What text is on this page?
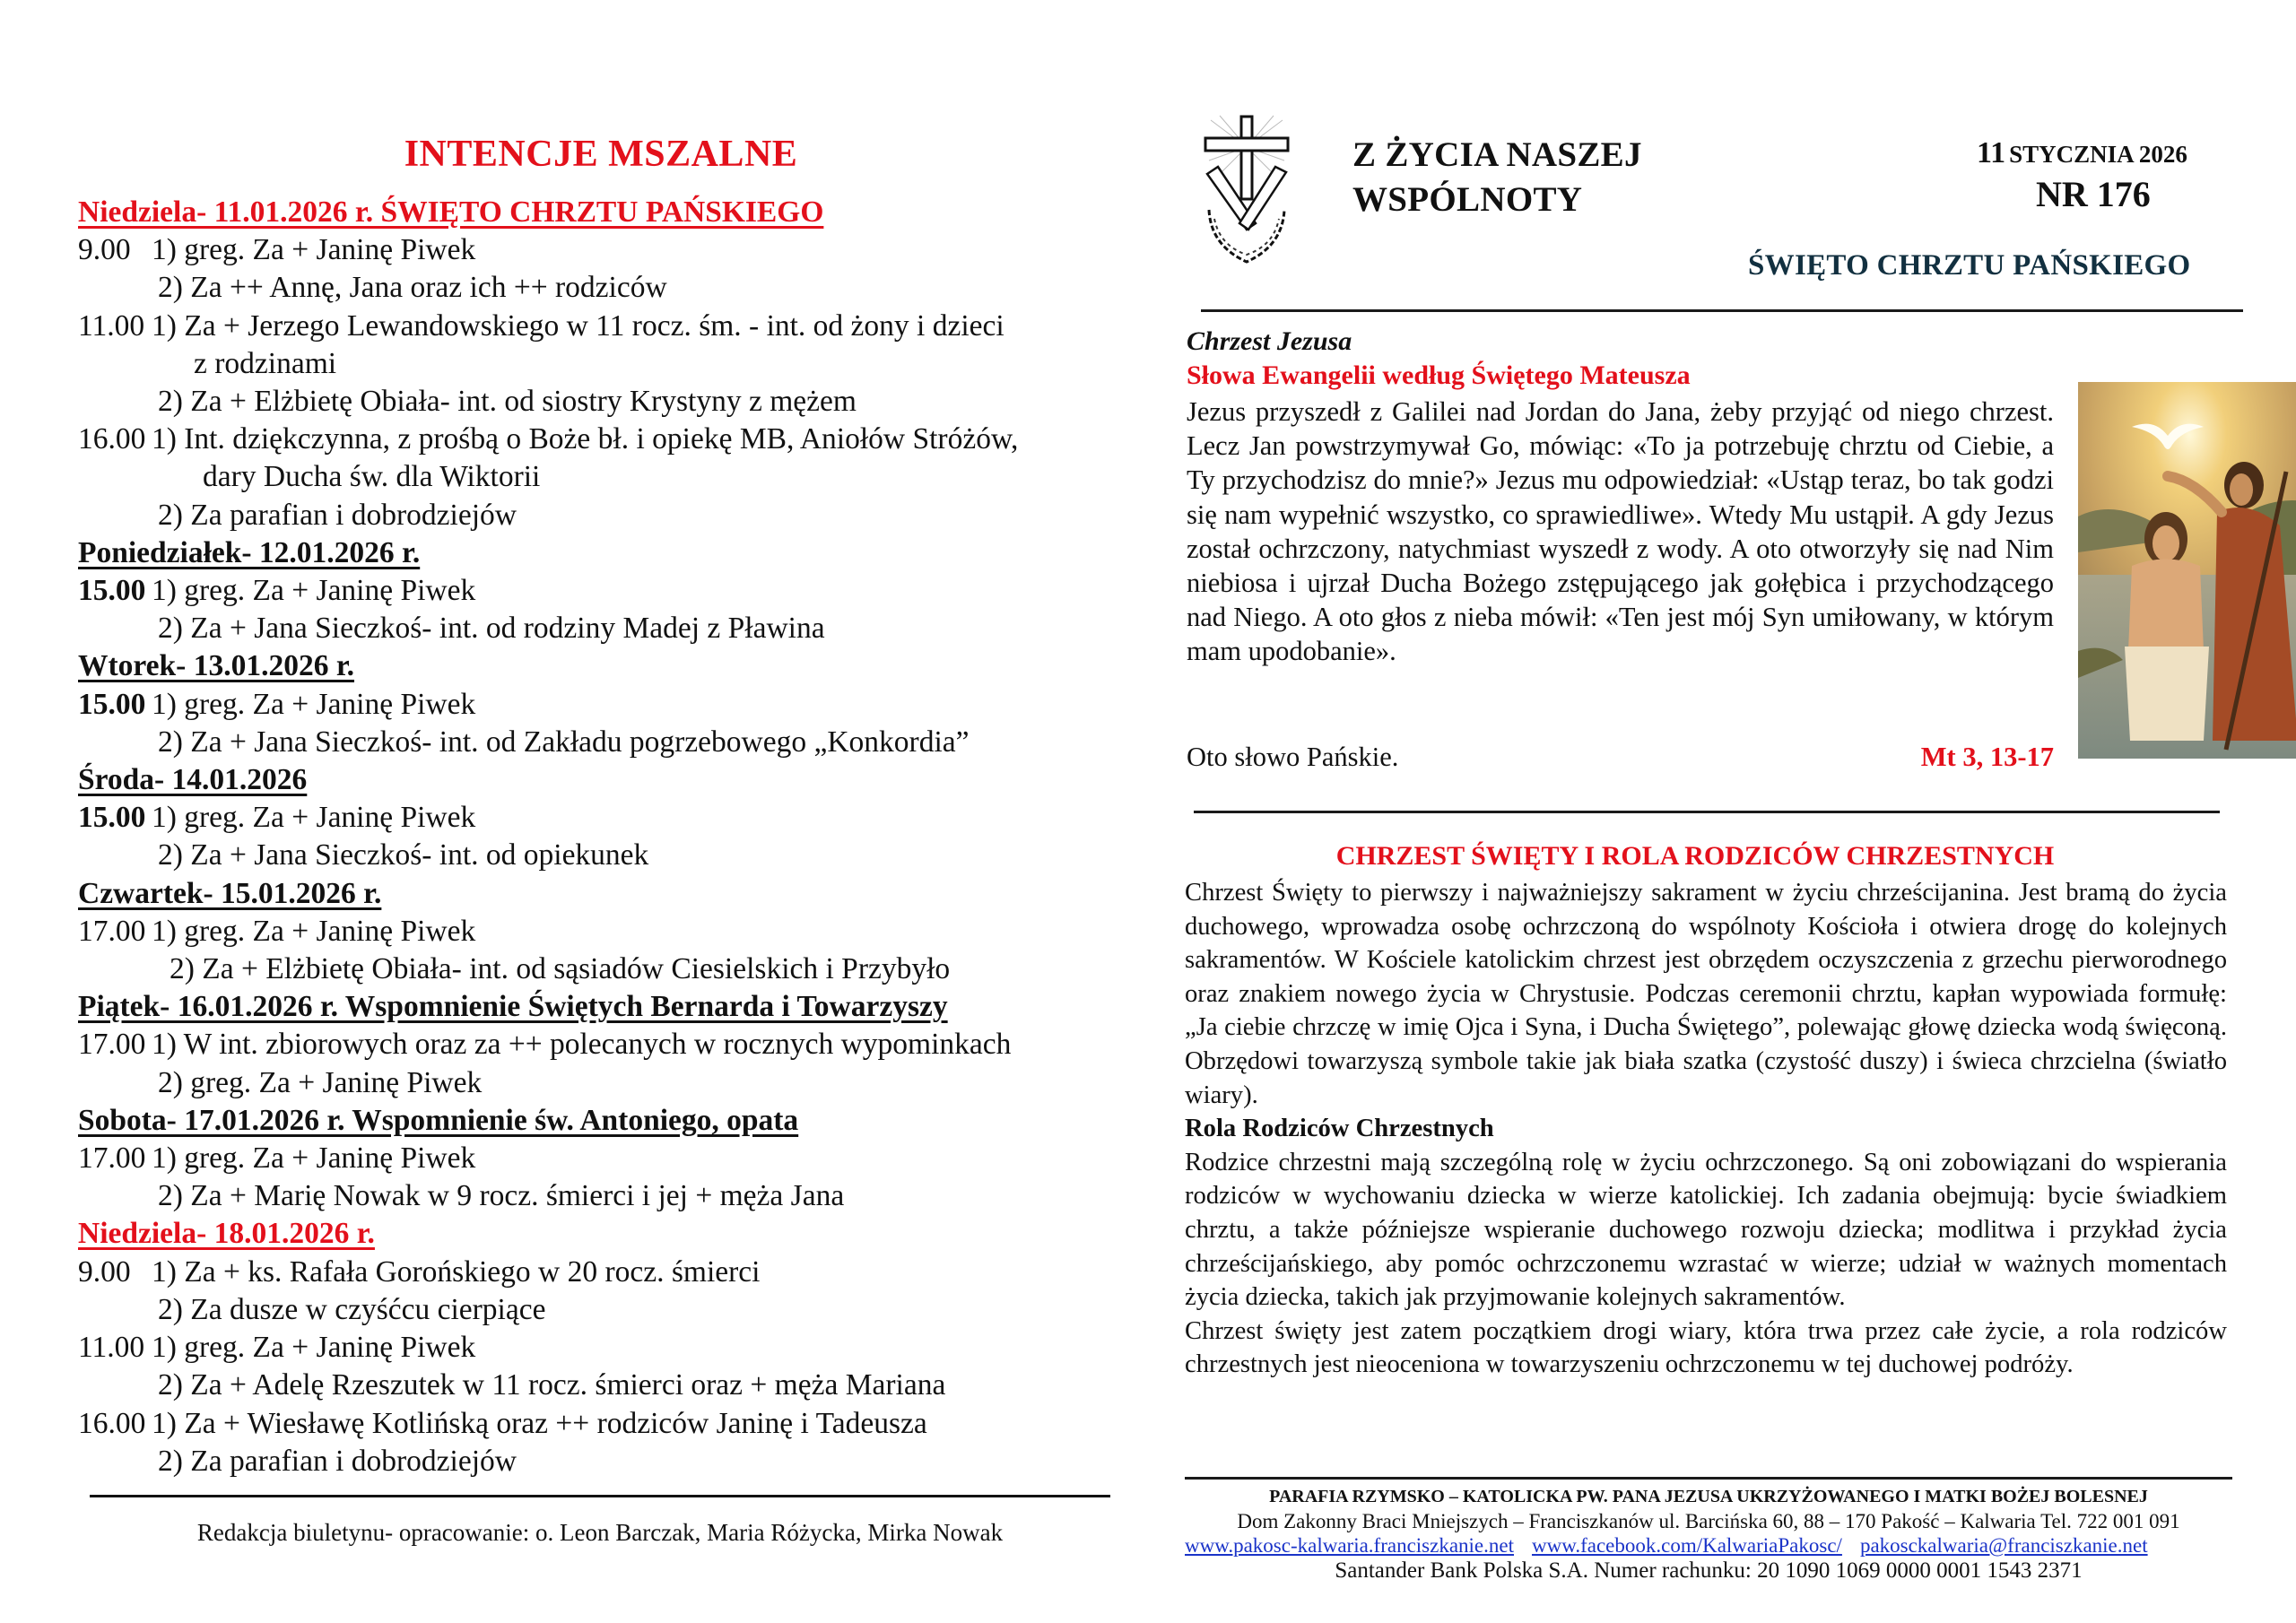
INTENCJE MSZALNE
Niedziela- 11.01.2026 r. ŚWIĘTO CHRZTU PAŃSKIEGO
9.00 1) greg. Za + Janinę Piwek
2) Za ++ Annę, Jana oraz ich ++ rodziców
11.00 1) Za + Jerzego Lewandowskiego w 11 rocz. śm. - int. od żony i dzieci
z rodzinami
2) Za + Elżbietę Obiała- int. od siostry Krystyny z mężem
16.00 1) Int. dziękczynna, z prośbą o Boże bł. i opiekę MB, Aniołów Stróżów,
dary Ducha św. dla Wiktorii
2) Za parafian i dobrodziejów
Poniedziałek- 12.01.2026 r.
15.00 1) greg. Za + Janinę Piwek
2) Za + Jana Sieczkoś- int. od rodziny Madej z Pławina
Wtorek- 13.01.2026 r.
15.00 1) greg. Za + Janinę Piwek
2) Za + Jana Sieczkoś- int. od Zakładu pogrzebowego „Konkordia”
Środa- 14.01.2026
15.00 1) greg. Za + Janinę Piwek
2) Za + Jana Sieczkoś- int. od opiekunek
Czwartek- 15.01.2026 r.
17.00 1) greg. Za + Janinę Piwek
2) Za + Elżbietę Obiała- int. od sąsiadów Ciesielskich i Przybyło
Piątek- 16.01.2026 r. Wspomnienie Świętych Bernarda i Towarzyszy
17.00 1) W int. zbiorowych oraz za ++ polecanych w rocznych wypominkach
2) greg. Za + Janinę Piwek
Sobota- 17.01.2026 r. Wspomnienie św. Antoniego, opata
17.00 1) greg. Za + Janinę Piwek
2) Za + Marię Nowak w 9 rocz. śmierci i jej + męża Jana
Niedziela- 18.01.2026 r.
9.00 1) Za + ks. Rafała Gorońskiego w 20 rocz. śmierci
2) Za dusze w czyśćcu cierpiące
11.00 1) greg. Za + Janinę Piwek
2) Za + Adelę Rzeszutek w 11 rocz. śmierci oraz + męża Mariana
16.00 1) Za + Wiesławę Kotlińską oraz ++ rodziców Janinę i Tadeusza
2) Za parafian i dobrodziejów
Redakcja biuletynu- opracowanie: o. Leon Barczak, Maria Różycka, Mirka Nowak
Z ŻYCIA NASZEJ
WSPÓLNOTY
11 STYCZNIA 2026
NR 176
ŚWIĘTO CHRZTU PAŃSKIEGO
Chrzest Jezusa
Słowa Ewangelii według Świętego Mateusza
Jezus przyszedł z Galilei nad Jordan do Jana, żeby przyjąć od niego chrzest. Lecz Jan powstrzymywał Go, mówiąc: «To ja potrzebuję chrztu od Ciebie, a Ty przychodzisz do mnie?» Jezus mu odpowiedział: «Ustąp teraz, bo tak godzi się nam wypełnić wszystko, co sprawiedliwe». Wtedy Mu ustąpił. A gdy Jezus został ochrzczony, natychmiast wyszedł z wody. A oto otworzyły się nad Nim niebiosa i ujrzał Ducha Bożego zstępującego jak gołębica i przychodzącego nad Niego. A oto głos z nieba mówił: «Ten jest mój Syn umiłowany, w którym mam upodobanie».
Oto słowo Pańskie.	Mt 3, 13-17
CHRZEST ŚWIĘTY I ROLA RODZICÓW CHRZESTNYCH

Chrzest Święty to pierwszy i najważniejszy sakrament w życiu chrześcijanina. Jest bramą do życia duchowego, wprowadza osobę ochrzczoną do wspólnoty Kościoła i otwiera drogę do kolejnych sakramentów. W Kościele katolickim chrzest jest obrzędem oczyszczenia z grzechu pierworodnego oraz znakiem nowego życia w Chrystusie. Podczas ceremonii chrztu, kapłan wypowiada formułę: „Ja ciebie chrzczę w imię Ojca i Syna, i Ducha Świętego”, polewając głowę dziecka wodą święconą. Obrzędowi towarzyszą symbole takie jak biała szatka (czystość duszy) i świeca chrzcielna (światło wiary).

Rola Rodziców Chrzestnych

Rodzice chrzestni mają szczególną rolę w życiu ochrzczonego. Są oni zobowiązani do wspierania rodziców w wychowaniu dziecka w wierze katolickiej. Ich zadania obejmują: bycie świadkiem chrztu, a także późniejsze wspieranie duchowego rozwoju dziecka; modlitwa i przykład życia chrześcijańskiego, aby pomóc ochrzczonemu wzrastać w wierze; udział w ważnych momentach życia dziecka, takich jak przyjmowanie kolejnych sakramentów.

Chrzest święty jest zatem początkiem drogi wiary, która trwa przez całe życie, a rola rodziców chrzestnych jest nieoceniona w towarzyszeniu ochrzczonemu w tej duchowej podróży.

PARAFIA RZYMSKO – KATOLICKA PW. PANA JEZUSA UKRZYŻOWANEGO I MATKI BOŻEJ BOLESNEJ
Dom Zakonny Braci Mniejszych – Franciszkanów ul. Barcińska 60, 88 – 170 Pakość – Kalwaria Tel. 722 001 091
www.pakosc-kalwaria.franciszkanie.net www.facebook.com/KalwariaPakosc/ pakosckalwaria@franciszkanie.net
Santander Bank Polska S.A. Numer rachunku: 20 1090 1069 0000 0001 1543 2371
